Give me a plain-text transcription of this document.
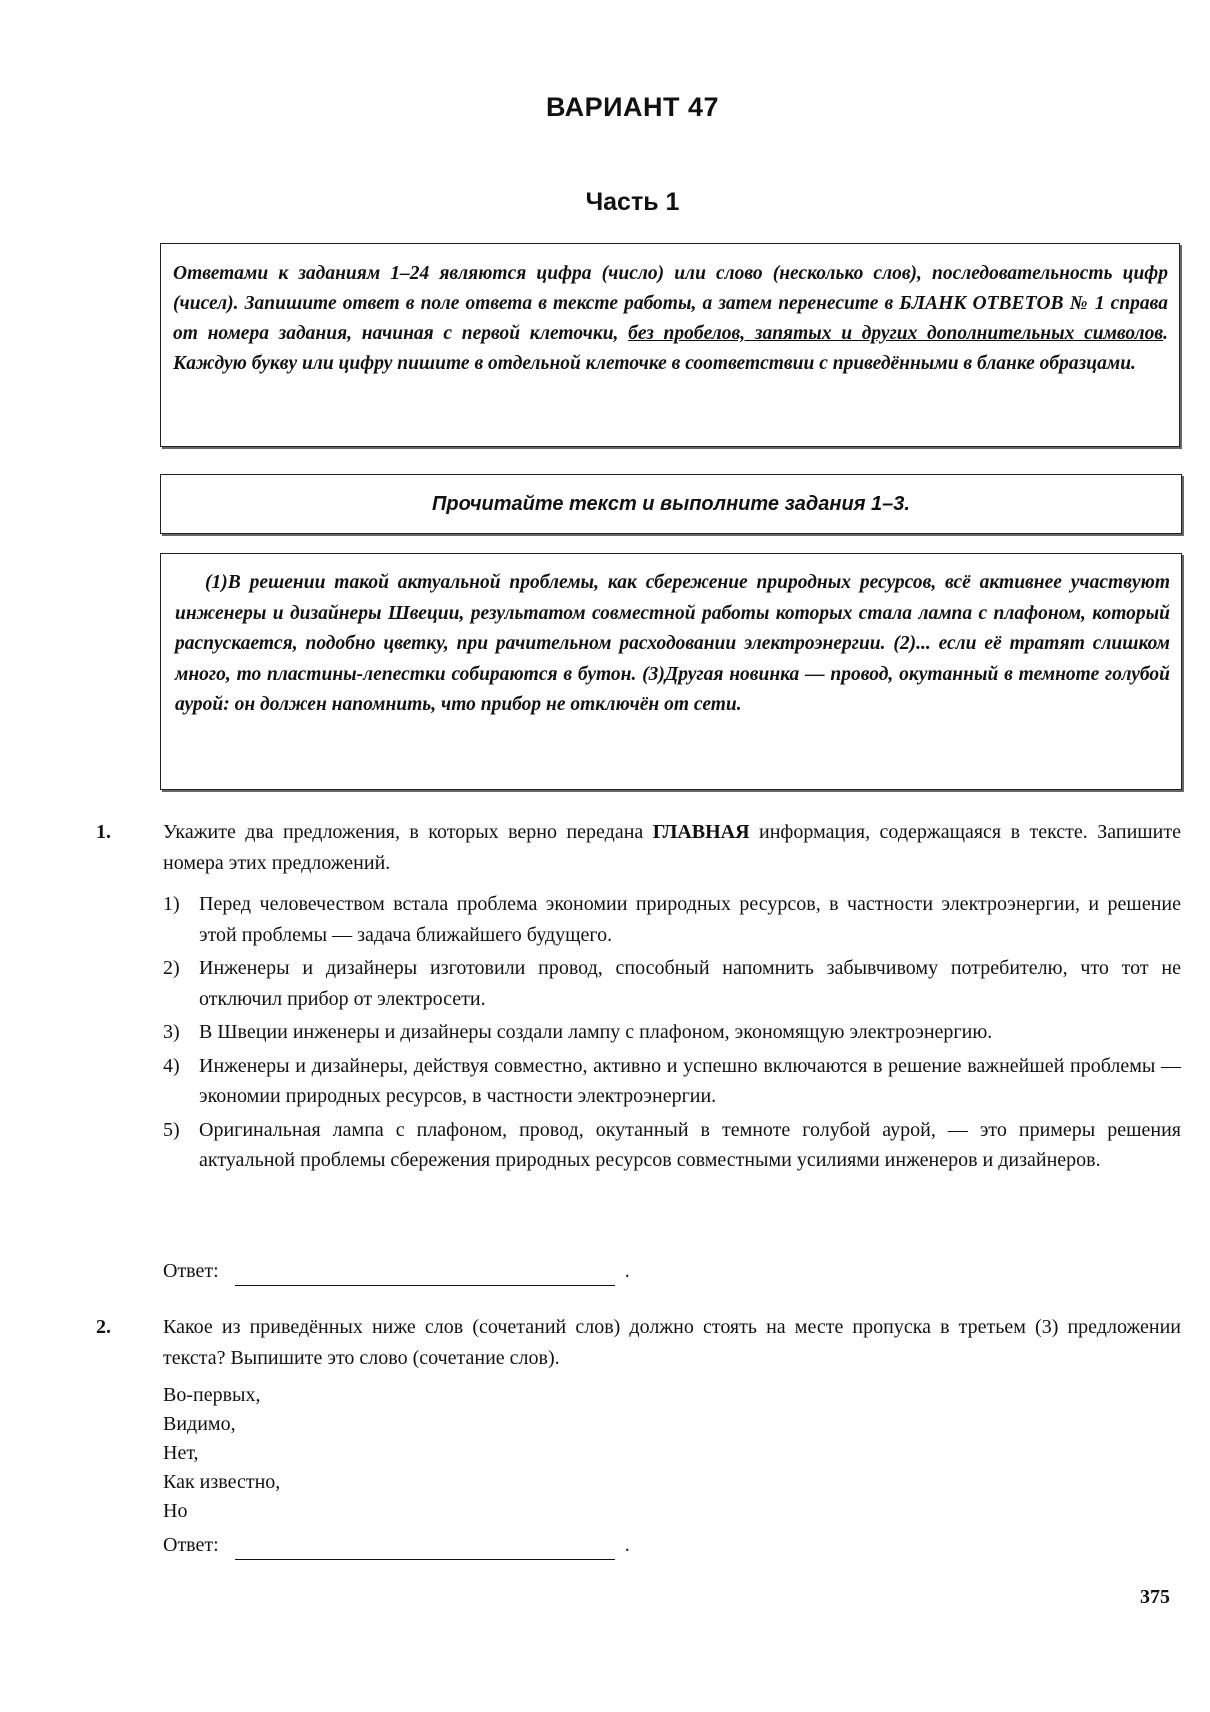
ВАРИАНТ 47
Часть 1
Ответами к заданиям 1–24 являются цифра (число) или слово (несколько слов), последовательность цифр (чисел). Запишите ответ в поле ответа в тексте работы, а затем перенесите в БЛАНК ОТВЕТОВ № 1 справа от номера задания, начиная с первой клеточки, без пробелов, запятых и других дополнительных символов. Каждую букву или цифру пишите в отдельной клеточке в соответствии с приведёнными в бланке образцами.
Прочитайте текст и выполните задания 1–3.
(1)В решении такой актуальной проблемы, как сбережение природных ресурсов, всё активнее участвуют инженеры и дизайнеры Швеции, результатом совместной работы которых стала лампа с плафоном, который распускается, подобно цветку, при рачительном расходовании электроэнергии. (2)... если её тратят слишком много, то пластины-лепестки собираются в бутон. (3)Другая новинка — провод, окутанный в темноте голубой аурой: он должен напомнить, что прибор не отключён от сети.
1.	Укажите два предложения, в которых верно передана ГЛАВНАЯ информация, содержащаяся в тексте. Запишите номера этих предложений.
1) Перед человечеством встала проблема экономии природных ресурсов, в частности электроэнергии, и решение этой проблемы — задача ближайшего будущего.
2) Инженеры и дизайнеры изготовили провод, способный напомнить забывчивому потребителю, что тот не отключил прибор от электросети.
3) В Швеции инженеры и дизайнеры создали лампу с плафоном, экономящую электроэнергию.
4) Инженеры и дизайнеры, действуя совместно, активно и успешно включаются в решение важнейшей проблемы — экономии природных ресурсов, в частности электроэнергии.
5) Оригинальная лампа с плафоном, провод, окутанный в темноте голубой аурой, — это примеры решения актуальной проблемы сбережения природных ресурсов совместными усилиями инженеров и дизайнеров.
Ответ:	.
2.	Какое из приведённых ниже слов (сочетаний слов) должно стоять на месте пропуска в третьем (3) предложении текста? Выпишите это слово (сочетание слов).
Во-первых,
Видимо,
Нет,
Как известно,
Но
Ответ:	.
375
